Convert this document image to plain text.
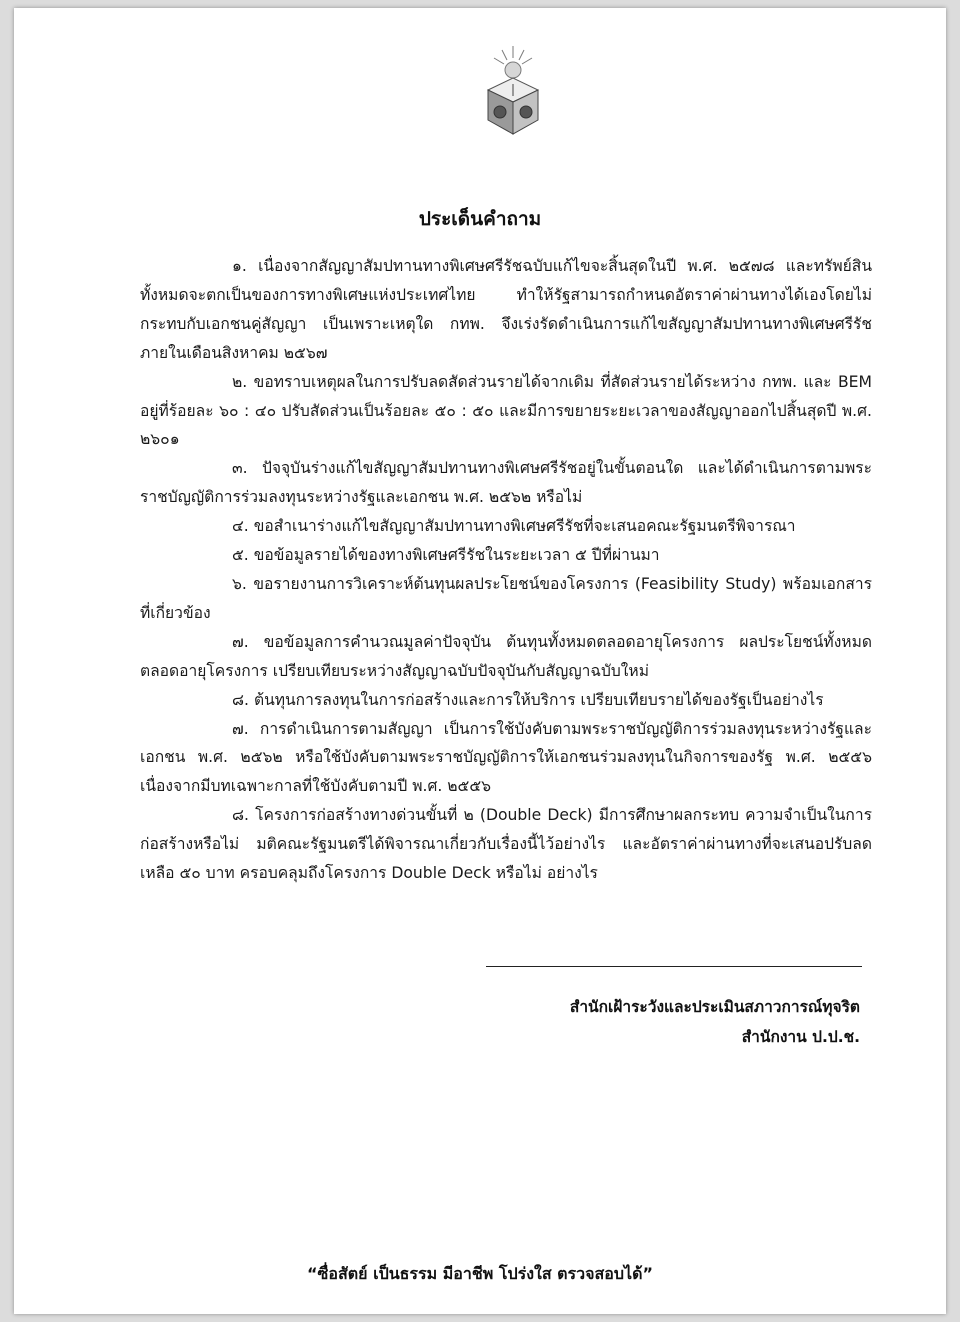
ประเด็นคำถาม

๑. เนื่องจากสัญญาสัมปทานทางพิเศษศรีรัชฉบับแก้ไขจะสิ้นสุดในปี พ.ศ. ๒๕๗๘ และทรัพย์สินทั้งหมดจะตกเป็นของการทางพิเศษแห่งประเทศไทย ทำให้รัฐสามารถกำหนดอัตราค่าผ่านทางได้เองโดยไม่กระทบกับเอกชนคู่สัญญา เป็นเพราะเหตุใด กทพ. จึงเร่งรัดดำเนินการแก้ไขสัญญาสัมปทานทางพิเศษศรีรัช ภายในเดือนสิงหาคม ๒๕๖๗

๒. ขอทราบเหตุผลในการปรับลดสัดส่วนรายได้จากเดิม ที่สัดส่วนรายได้ระหว่าง กทพ. และ BEM อยู่ที่ร้อยละ ๖๐ : ๔๐ ปรับสัดส่วนเป็นร้อยละ ๕๐ : ๕๐ และมีการขยายระยะเวลาของสัญญาออกไปสิ้นสุดปี พ.ศ. ๒๖๐๑

๓. ปัจจุบันร่างแก้ไขสัญญาสัมปทานทางพิเศษศรีรัชอยู่ในขั้นตอนใด และได้ดำเนินการตามพระราชบัญญัติการร่วมลงทุนระหว่างรัฐและเอกชน พ.ศ. ๒๕๖๒ หรือไม่

๔. ขอสำเนาร่างแก้ไขสัญญาสัมปทานทางพิเศษศรีรัชที่จะเสนอคณะรัฐมนตรีพิจารณา

๕. ขอข้อมูลรายได้ของทางพิเศษศรีรัชในระยะเวลา ๕ ปีที่ผ่านมา

๖. ขอรายงานการวิเคราะห์ต้นทุนผลประโยชน์ของโครงการ (Feasibility Study) พร้อมเอกสารที่เกี่ยวข้อง

๗. ขอข้อมูลการคำนวณมูลค่าปัจจุบัน ต้นทุนทั้งหมดตลอดอายุโครงการ ผลประโยชน์ทั้งหมดตลอดอายุโครงการ เปรียบเทียบระหว่างสัญญาฉบับปัจจุบันกับสัญญาฉบับใหม่

๘. ต้นทุนการลงทุนในการก่อสร้างและการให้บริการ เปรียบเทียบรายได้ของรัฐเป็นอย่างไร

๗. การดำเนินการตามสัญญา เป็นการใช้บังคับตามพระราชบัญญัติการร่วมลงทุนระหว่างรัฐและเอกชน พ.ศ. ๒๕๖๒ หรือใช้บังคับตามพระราชบัญญัติการให้เอกชนร่วมลงทุนในกิจการของรัฐ พ.ศ. ๒๕๕๖ เนื่องจากมีบทเฉพาะกาลที่ใช้บังคับตามปี พ.ศ. ๒๕๕๖

๘. โครงการก่อสร้างทางด่วนขั้นที่ ๒ (Double Deck) มีการศึกษาผลกระทบ ความจำเป็นในการก่อสร้างหรือไม่ มติคณะรัฐมนตรีได้พิจารณาเกี่ยวกับเรื่องนี้ไว้อย่างไร และอัตราค่าผ่านทางที่จะเสนอปรับลดเหลือ ๕๐ บาท ครอบคลุมถึงโครงการ Double Deck หรือไม่ อย่างไร

สำนักเฝ้าระวังและประเมินสภาวการณ์ทุจริต
สำนักงาน ป.ป.ช.
“ซื่อสัตย์ เป็นธรรม มีอาชีพ โปร่งใส ตรวจสอบได้”
